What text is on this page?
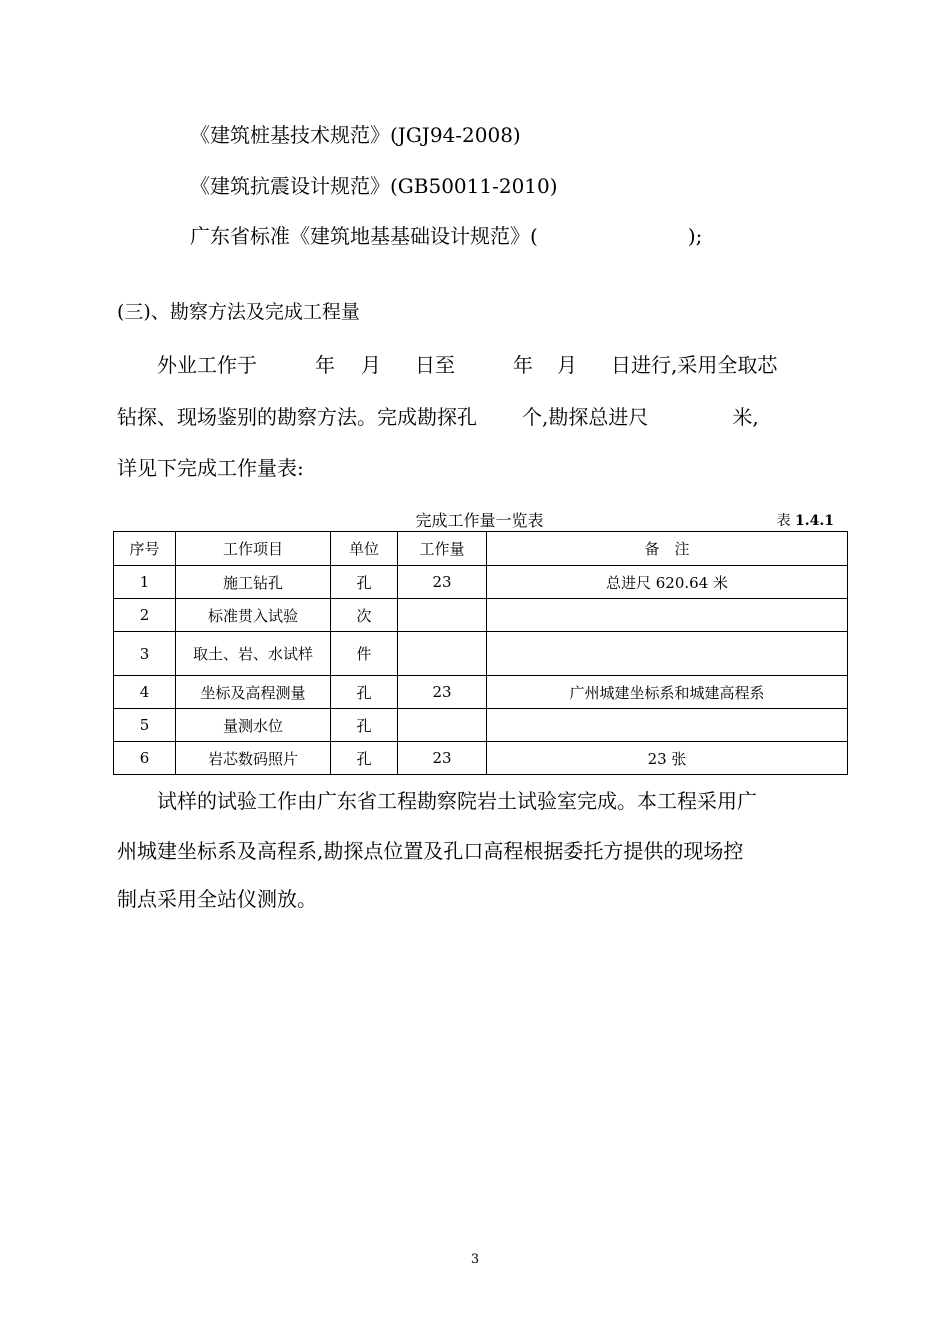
《建筑桩基技术规范》(JGJ94-2008)
《建筑抗震设计规范》(GB50011-2010)
广东省标准《建筑地基基础设计规范》(	);
(三)、勘察方法及完成工程量
外业工作于	年 月 日至	年 月 日进行,采用全取芯
钻探、现场鉴别的勘察方法。完成勘探孔 个,勘探总进尺	米,
详见下完成工作量表:
完成工作量一览表	表 1.4.1
序号	工作项目	单位	工作量	备　注
1	施工钻孔	孔	23	总进尺 620.64 米
2	标准贯入试验	次		
3	取土、岩、水试样	件		
4	坐标及高程测量	孔	23	广州城建坐标系和城建高程系
5	量测水位	孔		
6	岩芯数码照片	孔	23	23 张
试样的试验工作由广东省工程勘察院岩土试验室完成。本工程采用广
州城建坐标系及高程系,勘探点位置及孔口高程根据委托方提供的现场控
制点采用全站仪测放。
3
